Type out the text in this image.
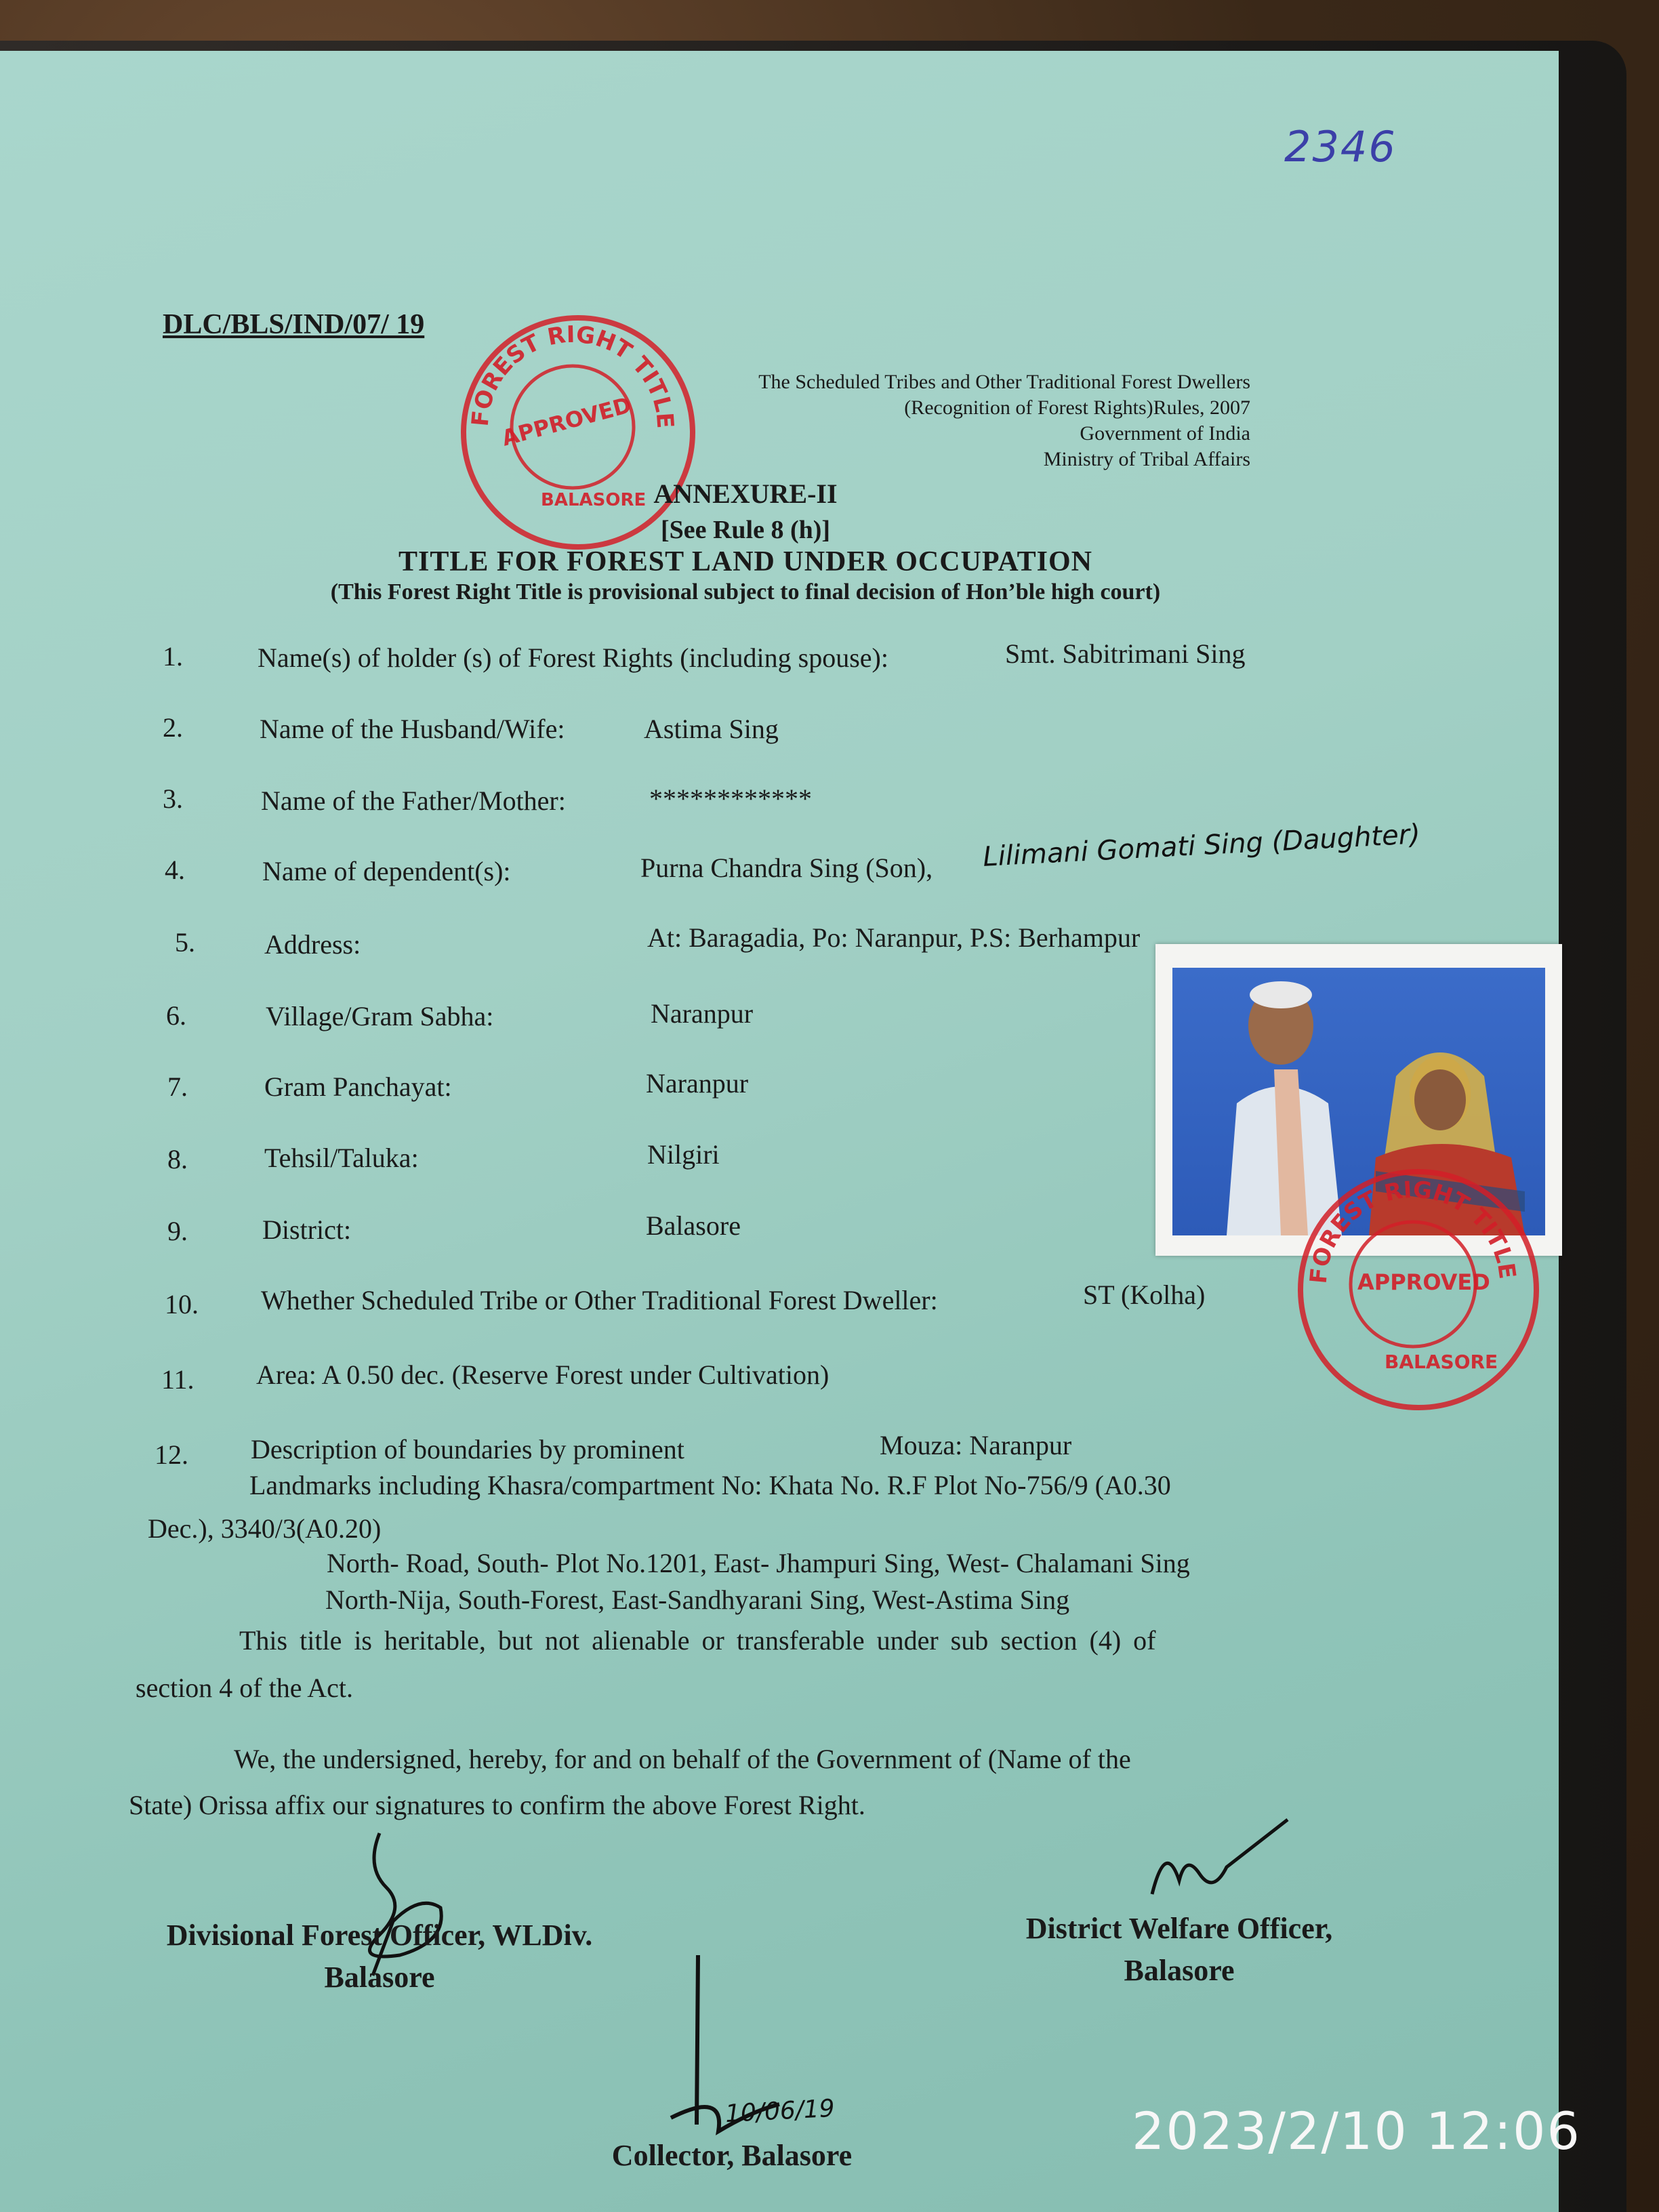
2346
DLC/BLS/IND/07/ 19
The Scheduled Tribes and Other Traditional Forest Dwellers
(Recognition of Forest Rights)Rules, 2007
Government of India
Ministry of Tribal Affairs
FOREST RIGHT TITLE
APPROVED
BALASORE ANNEXURE-II
[See Rule 8 (h)]
TITLE FOR FOREST LAND UNDER OCCUPATION
(This Forest Right Title is provisional subject to final decision of Hon’ble high court)
1.	Name(s) of holder (s) of Forest Rights (including spouse):	Smt. Sabitrimani Sing
2.	Name of the Husband/Wife:	Astima Sing
3.	Name of the Father/Mother:	************
4.	Name of dependent(s):	Purna Chandra Sing (Son), Lilimani Gomati Sing (Daughter)
5.	Address:	At: Baragadia, Po: Naranpur, P.S: Berhampur
6.	Village/Gram Sabha:	Naranpur
7.	Gram Panchayat:	Naranpur
8.	Tehsil/Taluka:	Nilgiri
9.	District:	Balasore
10. Whether Scheduled Tribe or Other Traditional Forest Dweller:	ST (Kolha)
11. Area: A 0.50 dec. (Reserve Forest under Cultivation)
12. Description of boundaries by prominent	Mouza: Naranpur
Landmarks including Khasra/compartment No: Khata No. R.F Plot No-756/9 (A0.30
Dec.), 3340/3(A0.20)
North- Road, South- Plot No.1201, East- Jhampuri Sing, West- Chalamani Sing
North-Nija, South-Forest, East-Sandhyarani Sing, West-Astima Sing
This title is heritable, but not alienable or transferable under sub section (4) of
section 4 of the Act.
We, the undersigned, hereby, for and on behalf of the Government of (Name of the
State) Orissa affix our signatures to confirm the above Forest Right.
FOREST RIGHT TITLE
APPROVED
BALASORE
10/06/19
Divisional Forest Officer, WLDiv.
Balasore
District Welfare Officer,
Balasore
Collector, Balasore	2023/2/10 12:06
